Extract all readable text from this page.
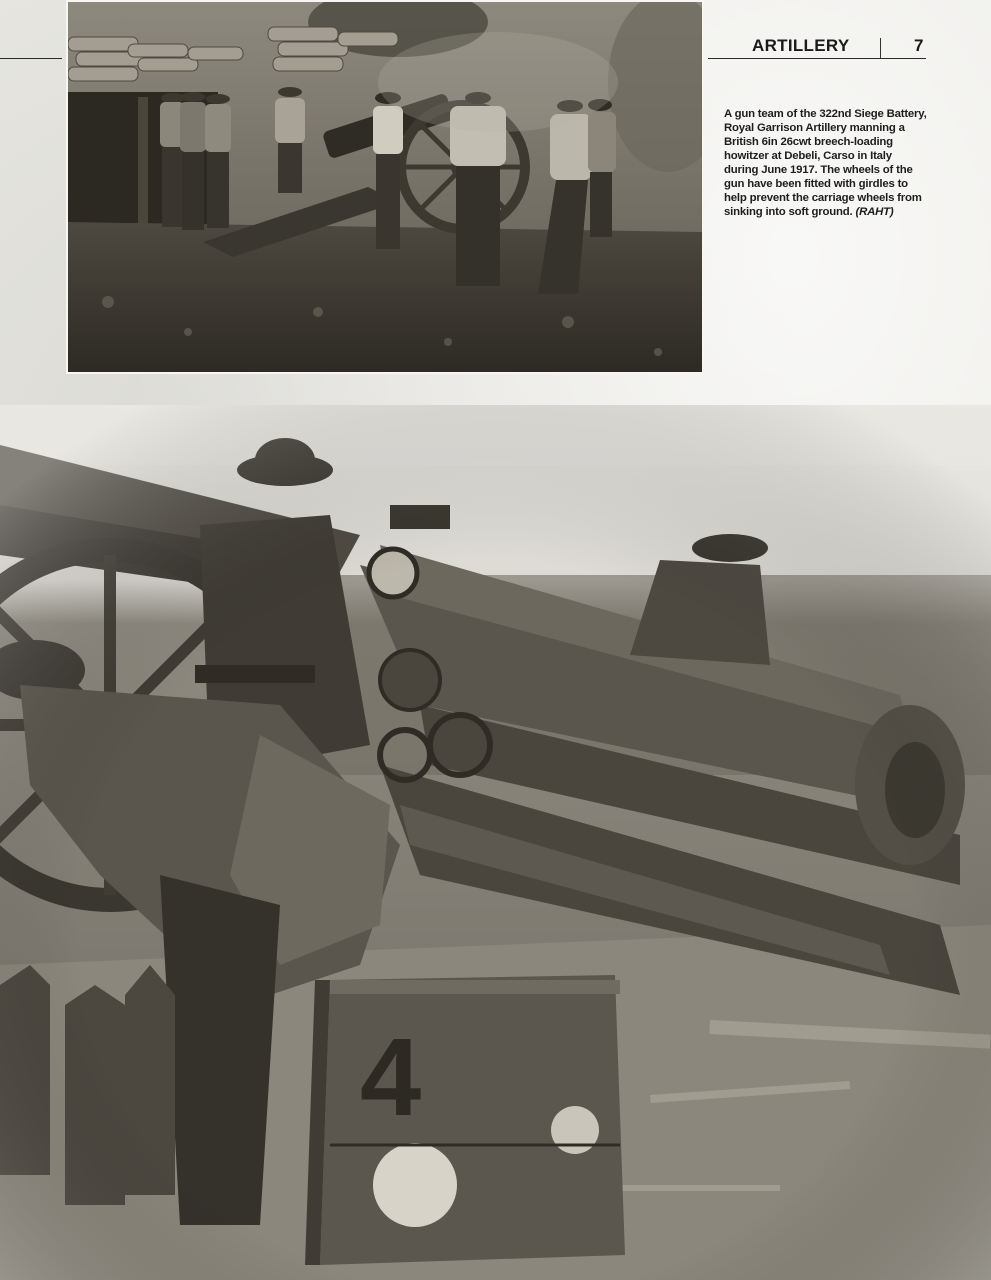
ARTILLERY	7
A gun team of the 322nd Siege Battery, Royal Garrison Artillery manning a British 6in 26cwt breech-loading howitzer at Debeli, Carso in Italy during June 1917. The wheels of the gun have been fitted with girdles to help prevent the carriage wheels from sinking into soft ground. (RAHT)
